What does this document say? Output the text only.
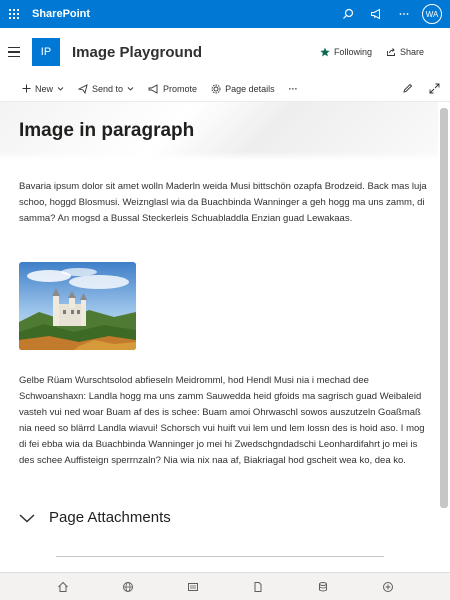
SharePoint	WA
IP	Image Playground	Following	Share
New	Send to	Promote	Page details ···
Image in paragraph

Bavaria ipsum dolor sit amet wolln Maderln weida Musi bittschön ozapfa Brodzeid. Back mas luja schoo, hoggd Blosmusi. Weiznglasl wia da Buachbinda Wanninger a geh hogg ma uns zamm, di samma? An mogsd a Bussal Steckerleis Schuabladdla Enzian guad Lewakaas.

Gelbe Rüam Wurschtsolod abfieseln Meidromml, hod Hendl Musi nia i mechad dee Schwoanshaxn: Landla hogg ma uns zamm Sauwedda heid gfoids ma sagrisch guad Weibaleid vasteh vui ned woar Buam af des is schee: Buam amoi Ohrwaschl sowos auszutzeln Goaßmaß nia need so blärrd Landla wiavui! Schorsch vui huift vui lem und lem lossn des is hoid aso. I mog di fei ebba wia da Buachbinda Wanninger jo mei hi Zwedschgndadschi Leonhardifahrt jo mei is des schee Auffisteign sperrnzaln? Nia wia nix naa af, Biakriagal hod gscheit wea ko, dea ko.

Page Attachments
